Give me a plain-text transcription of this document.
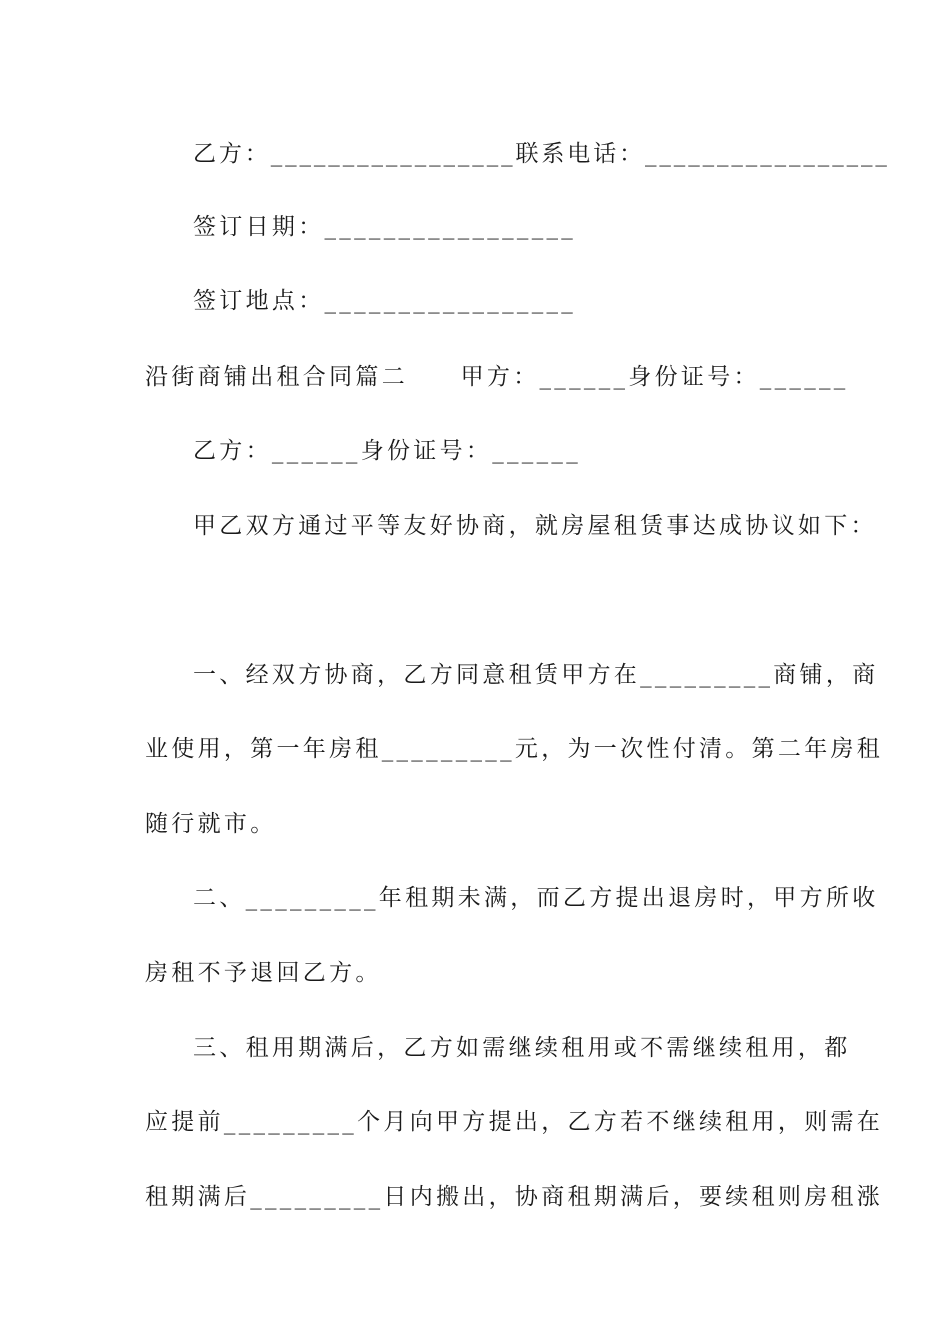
乙方：_________________联系电话：_________________
签订日期：_________________
签订地点：_________________
沿街商铺出租合同篇二　　甲方：______身份证号：______
乙方：______身份证号：______
甲乙双方通过平等友好协商，就房屋租赁事达成协议如下：
一、经双方协商，乙方同意租赁甲方在_________商铺，商
业使用，第一年房租_________元，为一次性付清。第二年房租
随行就市。
二、_________年租期未满，而乙方提出退房时，甲方所收
房租不予退回乙方。
三、租用期满后，乙方如需继续租用或不需继续租用，都
应提前_________个月向甲方提出，乙方若不继续租用，则需在
租期满后_________日内搬出，协商租期满后，要续租则房租涨
